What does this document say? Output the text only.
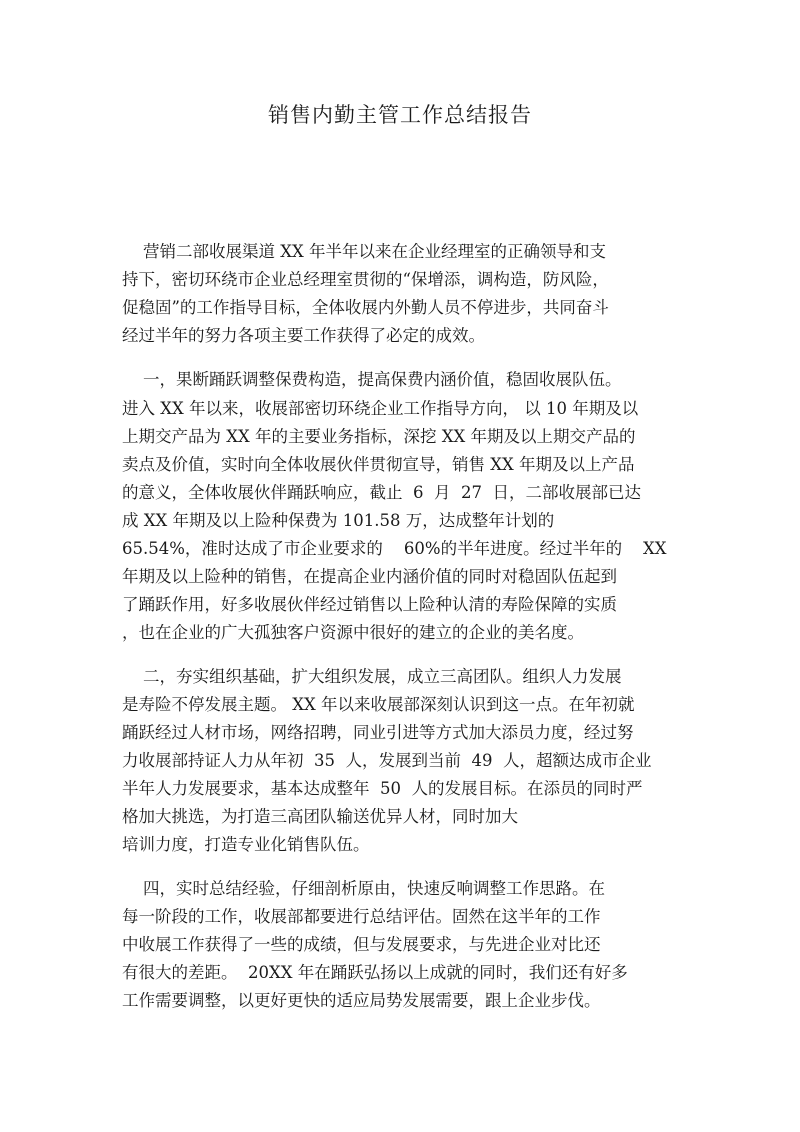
销售内勤主管工作总结报告
营销二部收展渠道 XX 年半年以来在企业经理室的正确领导和支
持下，密切环绕市企业总经理室贯彻的“保增添，调构造，防风险，
促稳固”的工作指导目标，全体收展内外勤人员不停进步，共同奋斗
经过半年的努力各项主要工作获得了必定的成效。
一，果断踊跃调整保费构造，提高保费内涵价值，稳固收展队伍。
进入 XX 年以来，收展部密切环绕企业工作指导方向， 以 10 年期及以
上期交产品为 XX 年的主要业务指标，深挖 XX 年期及以上期交产品的
卖点及价值，实时向全体收展伙伴贯彻宣导，销售 XX 年期及以上产品
的意义，全体收展伙伴踊跃响应，截止  6  月  27  日，二部收展部已达
成 XX 年期及以上险种保费为 101.58 万，达成整年计划的
65.54%，准时达成了市企业要求的    60%的半年进度。经过半年的    XX
年期及以上险种的销售，在提高企业内涵价值的同时对稳固队伍起到
了踊跃作用，好多收展伙伴经过销售以上险种认清的寿险保障的实质
，也在企业的广大孤独客户资源中很好的建立的企业的美名度。
二，夯实组织基础，扩大组织发展，成立三高团队。组织人力发展
是寿险不停发展主题。 XX 年以来收展部深刻认识到这一点。在年初就
踊跃经过人材市场，网络招聘，同业引进等方式加大添员力度，经过努
力收展部持证人力从年初  35  人，发展到当前  49  人，超额达成市企业
半年人力发展要求，基本达成整年  50  人的发展目标。在添员的同时严
格加大挑选，为打造三高团队输送优异人材，同时加大
培训力度，打造专业化销售队伍。
四，实时总结经验，仔细剖析原由，快速反响调整工作思路。在
每一阶段的工作，收展部都要进行总结评估。固然在这半年的工作
中收展工作获得了一些的成绩，但与发展要求，与先进企业对比还
有很大的差距。  20XX 年在踊跃弘扬以上成就的同时，我们还有好多
工作需要调整，以更好更快的适应局势发展需要，跟上企业步伐。
